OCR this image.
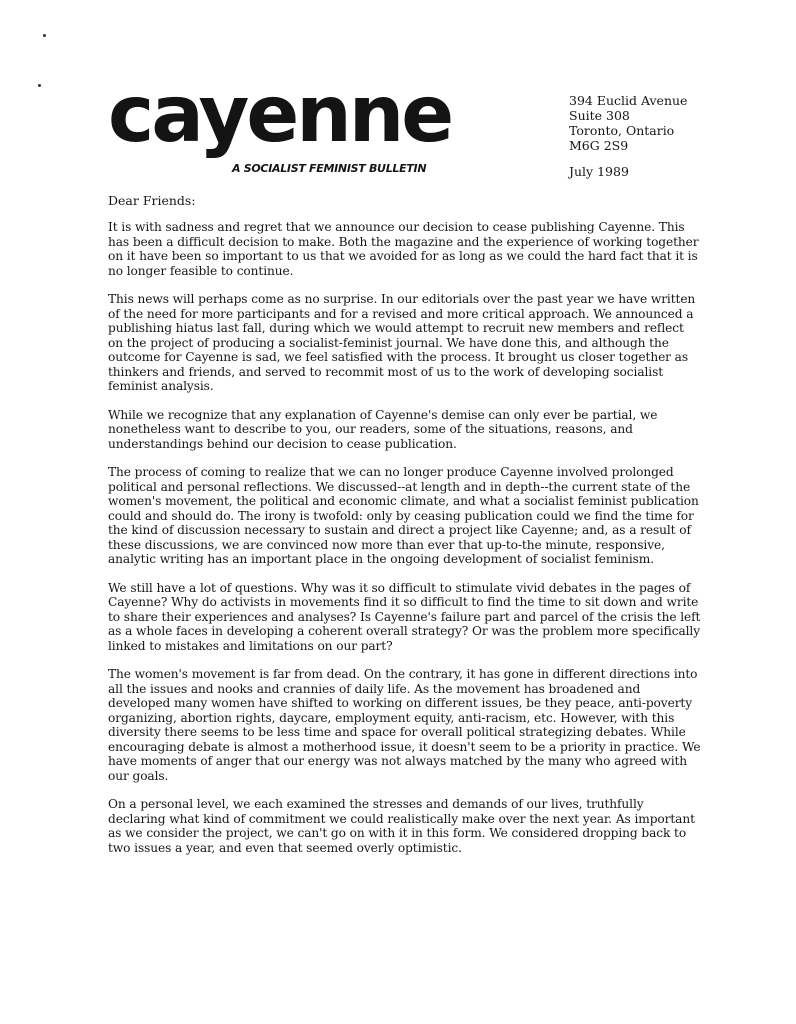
cayenne
A SOCIALIST FEMINIST BULLETIN
394 Euclid Avenue
Suite 308
Toronto, Ontario
M6G 2S9
July 1989
Dear Friends:

It is with sadness and regret that we announce our decision to cease publishing Cayenne. This has been a difficult decision to make. Both the magazine and the experience of working together on it have been so important to us that we avoided for as long as we could the hard fact that it is no longer feasible to continue.

This news will perhaps come as no surprise. In our editorials over the past year we have written of the need for more participants and for a revised and more critical approach. We announced a publishing hiatus last fall, during which we would attempt to recruit new members and reflect on the project of producing a socialist-feminist journal. We have done this, and although the outcome for Cayenne is sad, we feel satisfied with the process. It brought us closer together as thinkers and friends, and served to recommit most of us to the work of developing socialist feminist analysis.

While we recognize that any explanation of Cayenne's demise can only ever be partial, we nonetheless want to describe to you, our readers, some of the situations, reasons, and understandings behind our decision to cease publication.

The process of coming to realize that we can no longer produce Cayenne involved prolonged political and personal reflections. We discussed--at length and in depth--the current state of the women's movement, the political and economic climate, and what a socialist feminist publication could and should do. The irony is twofold: only by ceasing publication could we find the time for the kind of discussion necessary to sustain and direct a project like Cayenne; and, as a result of these discussions, we are convinced now more than ever that up-to-the minute, responsive, analytic writing has an important place in the ongoing development of socialist feminism.

We still have a lot of questions. Why was it so difficult to stimulate vivid debates in the pages of Cayenne? Why do activists in movements find it so difficult to find the time to sit down and write to share their experiences and analyses? Is Cayenne's failure part and parcel of the crisis the left as a whole faces in developing a coherent overall strategy? Or was the problem more specifically linked to mistakes and limitations on our part?

The women's movement is far from dead. On the contrary, it has gone in different directions into all the issues and nooks and crannies of daily life. As the movement has broadened and developed many women have shifted to working on different issues, be they peace, anti-poverty organizing, abortion rights, daycare, employment equity, anti-racism, etc. However, with this diversity there seems to be less time and space for overall political strategizing debates. While encouraging debate is almost a motherhood issue, it doesn't seem to be a priority in practice. We have moments of anger that our energy was not always matched by the many who agreed with our goals.

On a personal level, we each examined the stresses and demands of our lives, truthfully declaring what kind of commitment we could realistically make over the next year. As important as we consider the project, we can't go on with it in this form. We considered dropping back to two issues a year, and even that seemed overly optimistic.
